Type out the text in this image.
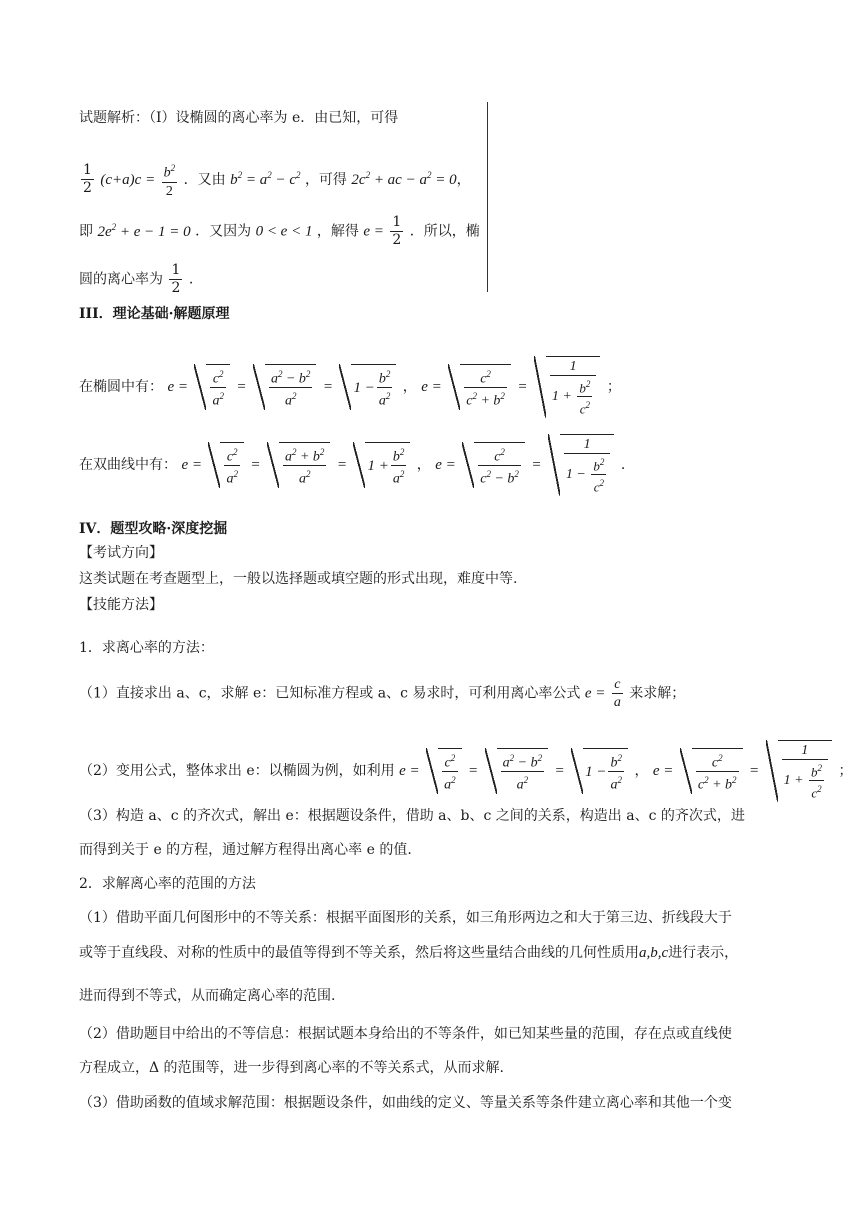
试题解析：（Ⅰ）设椭圆的离心率为 e．由已知，可得
$\frac{1}{2} (c+a)c = \frac{b^2}{2}$ ．又由 $b^2 = a^2 - c^2$ ，可得 $2c^2$ + ac − $a^2 = 0$，
即 $2e^2 + e - 1 = 0$ ．又因为 0 < e < 1 ，解得 $e = \frac{1}{2}$ ．所以，椭
圆的离心率为 $\frac{1}{2}$ .
III．理论基础·解题原理
在椭圆中有： $e = \frac{c^2}{a^2} = \frac{a^2 - b^2}{a^2} = 1 - \frac{b^2}{a^2}$ ， $e = \frac{c^2}{c^2 + b^2} = \frac{1}{1 + \frac{b^2}{c^2}}$ ；
在双曲线中有： $e = \frac{c^2}{a^2} = \frac{a^2 + b^2}{a^2} = 1 + \frac{b^2}{a^2}$ ， $e = \frac{c^2}{c^2 - b^2} = \frac{1}{1 - \frac{b^2}{c^2}}$ .
IV．题型攻略·深度挖掘
【考试方向】
这类试题在考查题型上，一般以选择题或填空题的形式出现，难度中等.
【技能方法】
1．求离心率的方法：
（1）直接求出 a、c，求解 e：已知标准方程或 a、c 易求时，可利用离心率公式 $e = \frac{c}{a}$ 来求解；
（2）变用公式，整体求出 e：以椭圆为例，如利用 $e = \frac{c^2}{a^2} = \frac{a^2 - b^2}{a^2} = 1 - \frac{b^2}{a^2}$ ， $e = \frac{c^2}{c^2 + b^2} = \frac{1}{1 + \frac{b^2}{c^2}}$ ；
（3）构造 a、c 的齐次式，解出 e：根据题设条件，借助 a、b、c 之间的关系，构造出 a、c 的齐次式，进
而得到关于 e 的方程，通过解方程得出离心率 e 的值.
2．求解离心率的范围的方法
（1）借助平面几何图形中的不等关系：根据平面图形的关系，如三角形两边之和大于第三边、折线段大于
或等于直线段、对称的性质中的最值等得到不等关系，然后将这些量结合曲线的几何性质用a,b,c进行表示，
进而得到不等式，从而确定离心率的范围.
（2）借助题目中给出的不等信息：根据试题本身给出的不等条件，如已知某些量的范围，存在点或直线使
方程成立，Δ 的范围等，进一步得到离心率的不等关系式，从而求解.
（3）借助函数的值域求解范围：根据题设条件，如曲线的定义、等量关系等条件建立离心率和其他一个变
